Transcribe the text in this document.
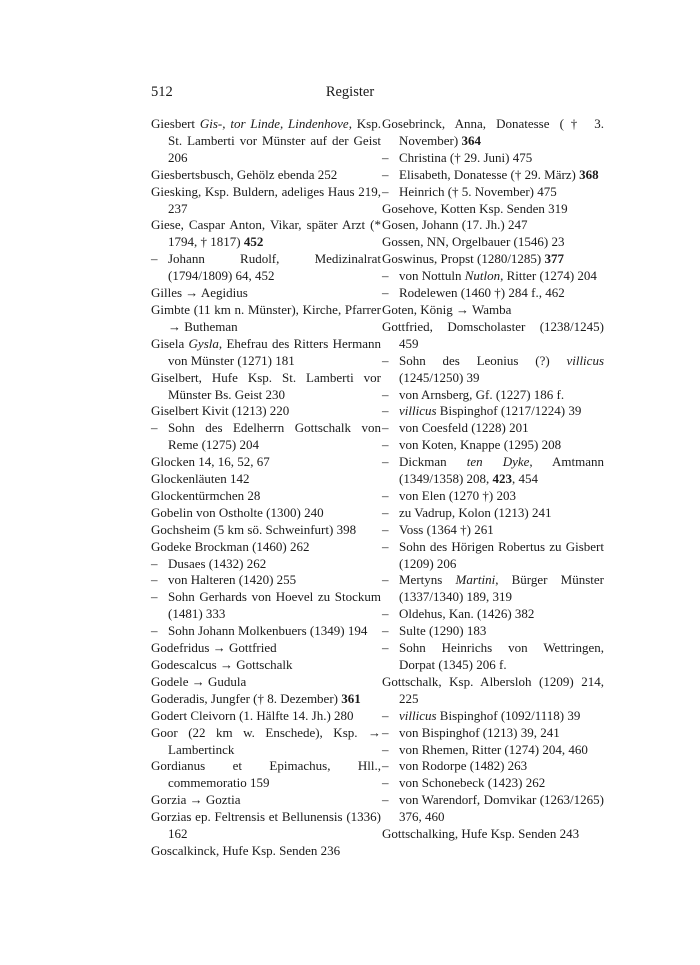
512	Register

Giesbert Gis-, tor Linde, Lindenhove, Ksp. St. Lamberti vor Münster auf der Geist 206

Giesbertsbusch, Gehölz ebenda 252

Giesking, Ksp. Buldern, adeliges Haus 219, 237

Giese, Caspar Anton, Vikar, später Arzt (* 1794, † 1817) 452

– Johann Rudolf, Medizinalrat (1794/1809) 64, 452

Gilles → Aegidius

Gimbte (11 km n. Münster), Kirche, Pfarrer → Butheman

Gisela Gysla, Ehefrau des Ritters Hermann von Münster (1271) 181

Giselbert, Hufe Ksp. St. Lamberti vor Münster Bs. Geist 230

Giselbert Kivit (1213) 220

– Sohn des Edelherrn Gottschalk von Reme (1275) 204

Glocken 14, 16, 52, 67

Glockenläuten 142

Glockentürmchen 28

Gobelin von Ostholte (1300) 240

Gochsheim (5 km sö. Schweinfurt) 398

Godeke Brockman (1460) 262

– Dusaes (1432) 262

– von Halteren (1420) 255

– Sohn Gerhards von Hoevel zu Stockum (1481) 333

– Sohn Johann Molkenbuers (1349) 194

Godefridus → Gottfried

Godescalcus → Gottschalk

Godele → Gudula

Goderadis, Jungfer († 8. Dezember) 361

Godert Cleivorn (1. Hälfte 14. Jh.) 280

Goor (22 km w. Enschede), Ksp. → Lambertinck

Gordianus et Epimachus, Hll., commemoratio 159

Gorzia → Goztia

Gorzias ep. Feltrensis et Bellunensis (1336) 162

Goscalkinck, Hufe Ksp. Senden 236

Gosebrinck, Anna, Donatesse († 3. November) 364

– Christina († 29. Juni) 475

– Elisabeth, Donatesse († 29. März) 368

– Heinrich († 5. November) 475

Gosehove, Kotten Ksp. Senden 319

Gosen, Johann (17. Jh.) 247

Gossen, NN, Orgelbauer (1546) 23

Goswinus, Propst (1280/1285) 377

– von Nottuln Nutlon, Ritter (1274) 204

– Rodelewen (1460 †) 284 f., 462

Goten, König → Wamba

Gottfried, Domscholaster (1238/1245) 459

– Sohn des Leonius (?) villicus (1245/1250) 39

– von Arnsberg, Gf. (1227) 186 f.

– villicus Bispinghof (1217/1224) 39

– von Coesfeld (1228) 201

– von Koten, Knappe (1295) 208

– Dickman ten Dyke, Amtmann (1349/1358) 208, 423, 454

– von Elen (1270 †) 203

– zu Vadrup, Kolon (1213) 241

– Voss (1364 †) 261

– Sohn des Hörigen Robertus zu Gisbert (1209) 206

– Mertyns Martini, Bürger Münster (1337/1340) 189, 319

– Oldehus, Kan. (1426) 382

– Sulte (1290) 183

– Sohn Heinrichs von Wettringen, Dorpat (1345) 206 f.

Gottschalk, Ksp. Albersloh (1209) 214, 225

– villicus Bispinghof (1092/1118) 39

– von Bispinghof (1213) 39, 241

– von Rhemen, Ritter (1274) 204, 460

– von Rodorpe (1482) 263

– von Schonebeck (1423) 262

– von Warendorf, Domvikar (1263/1265) 376, 460

Gottschalking, Hufe Ksp. Senden 243
